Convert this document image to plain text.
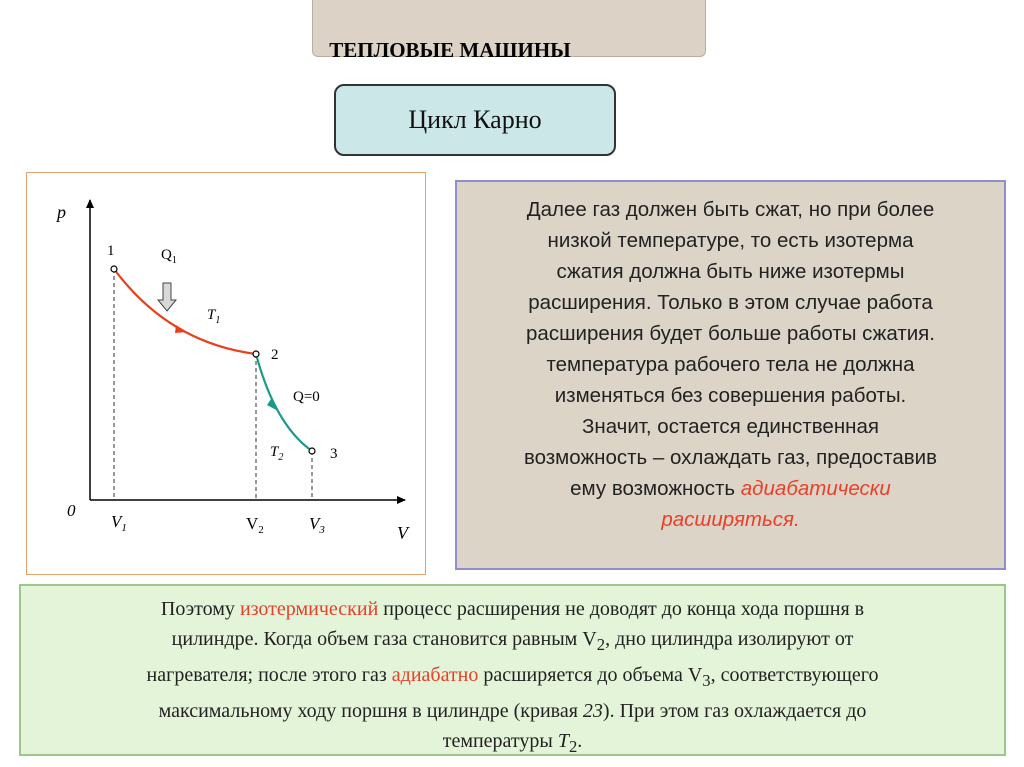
ТЕПЛОВЫЕ МАШИНЫ
Цикл Карно
p
V
0
1
2
3
$Q_1$
$T_1$
Q=0
$T_2$
$V_1$	$V_2$	$V_3$
Далее газ должен быть сжат, но при более
низкой температуре, то есть изотерма
сжатия должна быть ниже изотермы
расширения. Только в этом случае работа
расширения будет больше работы сжатия.
температура рабочего тела не должна
изменяться без совершения работы.
Значит, остается единственная
возможность – охлаждать газ, предоставив
ему возможность адиабатически
расширяться.
Поэтому изотермический процесс расширения не доводят до конца хода поршня в
цилиндре. Когда объем газа становится равным $V_2$, дно цилиндра изолируют от
нагревателя; после этого газ адиабатно расширяется до объема $V_3$, соответствующего
максимальному ходу поршня в цилиндре (кривая 23). При этом газ охлаждается до
температуры $T_2$.
